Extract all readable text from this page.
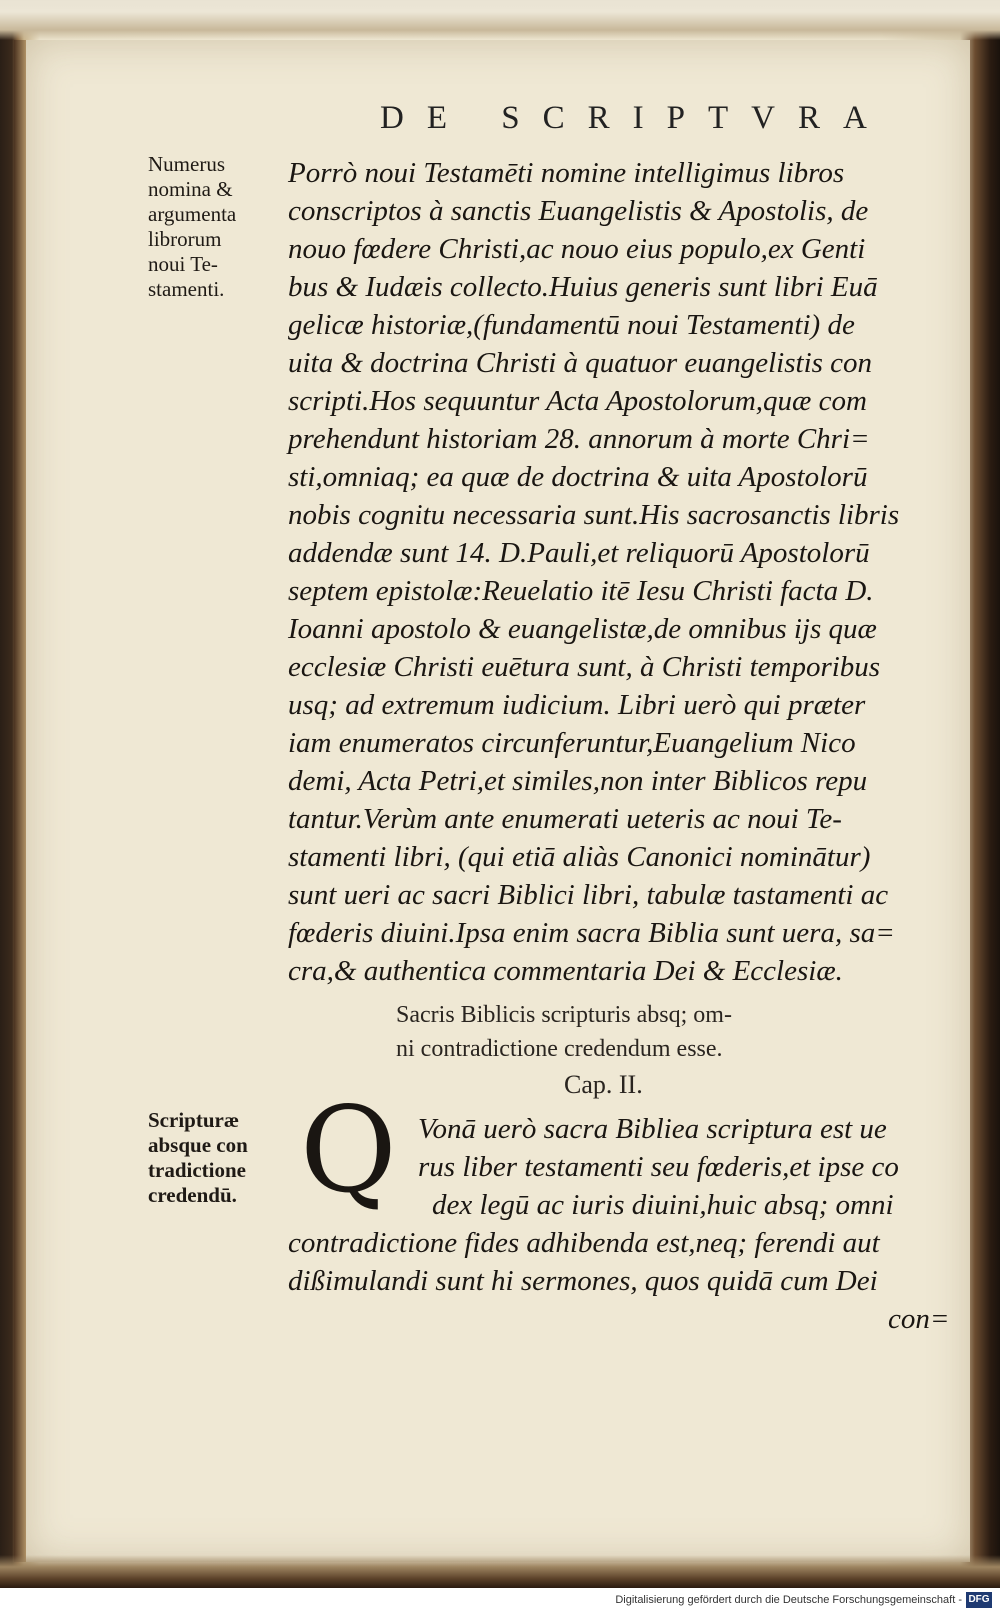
DE SCRIPTVRA
Numerus
nomina &
argumenta
librorum
noui Te-
stamenti.
Porrò noui Testamēti nomine intelligimus libros
conscriptos à sanctis Euangelistis & Apostolis, de
nouo fœdere Christi,ac nouo eius populo,ex Genti
bus & Iudæis collecto.Huius generis sunt libri Euā
gelicæ historiæ,(fundamentū noui Testamenti) de
uita & doctrina Christi à quatuor euangelistis con
scripti.Hos sequuntur Acta Apostolorum,quæ com
prehendunt historiam 28. annorum à morte Chri=
sti,omniaq; ea quæ de doctrina & uita Apostolorū
nobis cognitu necessaria sunt.His sacrosanctis libris
addendæ sunt 14. D.Pauli,et reliquorū Apostolorū
septem epistolæ:Reuelatio itē Iesu Christi facta D.
Ioanni apostolo & euangelistæ,de omnibus ijs quæ
ecclesiæ Christi euētura sunt, à Christi temporibus
usq; ad extremum iudicium. Libri uerò qui præter
iam enumeratos circunferuntur,Euangelium Nico
demi, Acta Petri,et similes,non inter Biblicos repu
tantur.Verùm ante enumerati ueteris ac noui Te-
stamenti libri, (qui etiā aliàs Canonici nominātur)
sunt ueri ac sacri Biblici libri, tabulæ tastamenti ac
fœderis diuini.Ipsa enim sacra Biblia sunt uera, sa=
cra,& authentica commentaria Dei & Ecclesiæ.
Sacris Biblicis scripturis absq; om-
ni contradictione credendum esse.
Cap. II.
Scripturæ
absque con
tradictione
credendū. Q Vonā uerò sacra Bibliea scriptura est ue
rus liber testamenti seu fœderis,et ipse co
dex legū ac iuris diuini,huic absq; omni
contradictione fides adhibenda est,neq; ferendi aut
dißimulandi sunt hi sermones, quos quidā cum Dei
con=
Digitalisierung gefördert durch die Deutsche Forschungsgemeinschaft - DFG
